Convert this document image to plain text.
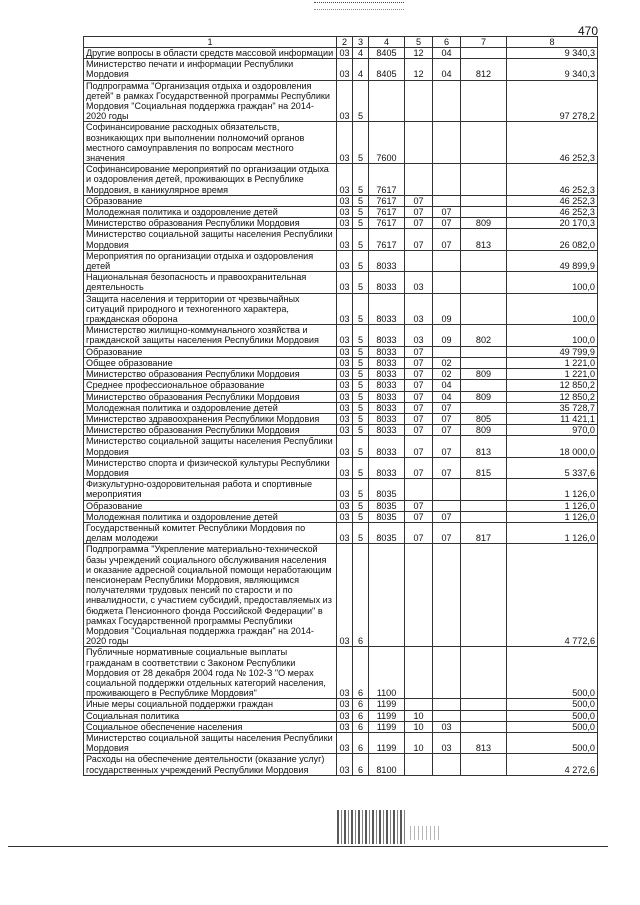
470
1	2	3	4	5	6	7	8
Другие вопросы в области средств массовой информации	03	4	8405	12	04		9 340,3
Министерство печати и информации Республики Мордовия	03	4	8405	12	04	812	9 340,3
Подпрограмма "Организация отдыха и оздоровления детей" в рамках Государственной программы Республики Мордовия "Социальная поддержка граждан" на 2014-2020 годы	03	5					97 278,2
Софинансирование расходных обязательств, возникающих при выполнении полномочий органов местного самоуправления по вопросам местного значения	03	5	7600				46 252,3
Софинансирование мероприятий по организации отдыха и оздоровления детей, проживающих в Республике Мордовия, в каникулярное время	03	5	7617				46 252,3
Образование	03	5	7617	07			46 252,3
Молодежная политика и оздоровление детей	03	5	7617	07	07		46 252,3
Министерство образования Республики Мордовия	03	5	7617	07	07	809	20 170,3
Министерство социальной защиты населения Республики Мордовия	03	5	7617	07	07	813	26 082,0
Мероприятия по организации отдыха и оздоровления детей	03	5	8033				49 899,9
Национальная безопасность и правоохранительная деятельность	03	5	8033	03			100,0
Защита населения и территории от чрезвычайных ситуаций природного и техногенного характера, гражданская оборона	03	5	8033	03	09		100,0
Министерство жилищно-коммунального хозяйства и гражданской защиты населения Республики Мордовия	03	5	8033	03	09	802	100,0
Образование	03	5	8033	07			49 799,9
Общее образование	03	5	8033	07	02		1 221,0
Министерство образования Республики Мордовия	03	5	8033	07	02	809	1 221,0
Среднее профессиональное образование	03	5	8033	07	04		12 850,2
Министерство образования Республики Мордовия	03	5	8033	07	04	809	12 850,2
Молодежная политика и оздоровление детей	03	5	8033	07	07		35 728,7
Министерство здравоохранения Республики Мордовия	03	5	8033	07	07	805	11 421,1
Министерство образования Республики Мордовия	03	5	8033	07	07	809	970,0
Министерство социальной защиты населения Республики Мордовия	03	5	8033	07	07	813	18 000,0
Министерство спорта и физической культуры Республики Мордовия	03	5	8033	07	07	815	5 337,6
Физкультурно-оздоровительная работа и спортивные мероприятия	03	5	8035				1 126,0
Образование	03	5	8035	07			1 126,0
Молодежная политика и оздоровление детей	03	5	8035	07	07		1 126,0
Государственный комитет Республики Мордовия по делам молодежи	03	5	8035	07	07	817	1 126,0
Подпрограмма "Укрепление материально-технической базы учреждений социального обслуживания населения и оказание адресной социальной помощи неработающим пенсионерам Республики Мордовия, являющимся получателями трудовых пенсий по старости и по инвалидности, с участием субсидий, предоставляемых из бюджета Пенсионного фонда Российской Федерации" в рамках Государственной программы Республики Мордовия "Социальная поддержка граждан" на 2014-2020 годы	03	6					4 772,6
Публичные нормативные социальные выплаты гражданам в соответствии с Законом Республики Мордовия от 28 декабря 2004 года № 102-З "О мерах социальной поддержки отдельных категорий населения, проживающего в Республике Мордовия"	03	6	1100				500,0
Иные меры социальной поддержки граждан	03	6	1199				500,0
Социальная политика	03	6	1199	10			500,0
Социальное обеспечение населения	03	6	1199	10	03		500,0
Министерство социальной защиты населения Республики Мордовия	03	6	1199	10	03	813	500,0
Расходы на обеспечение деятельности (оказание услуг) государственных учреждений Республики Мордовия	03	6	8100				4 272,6
